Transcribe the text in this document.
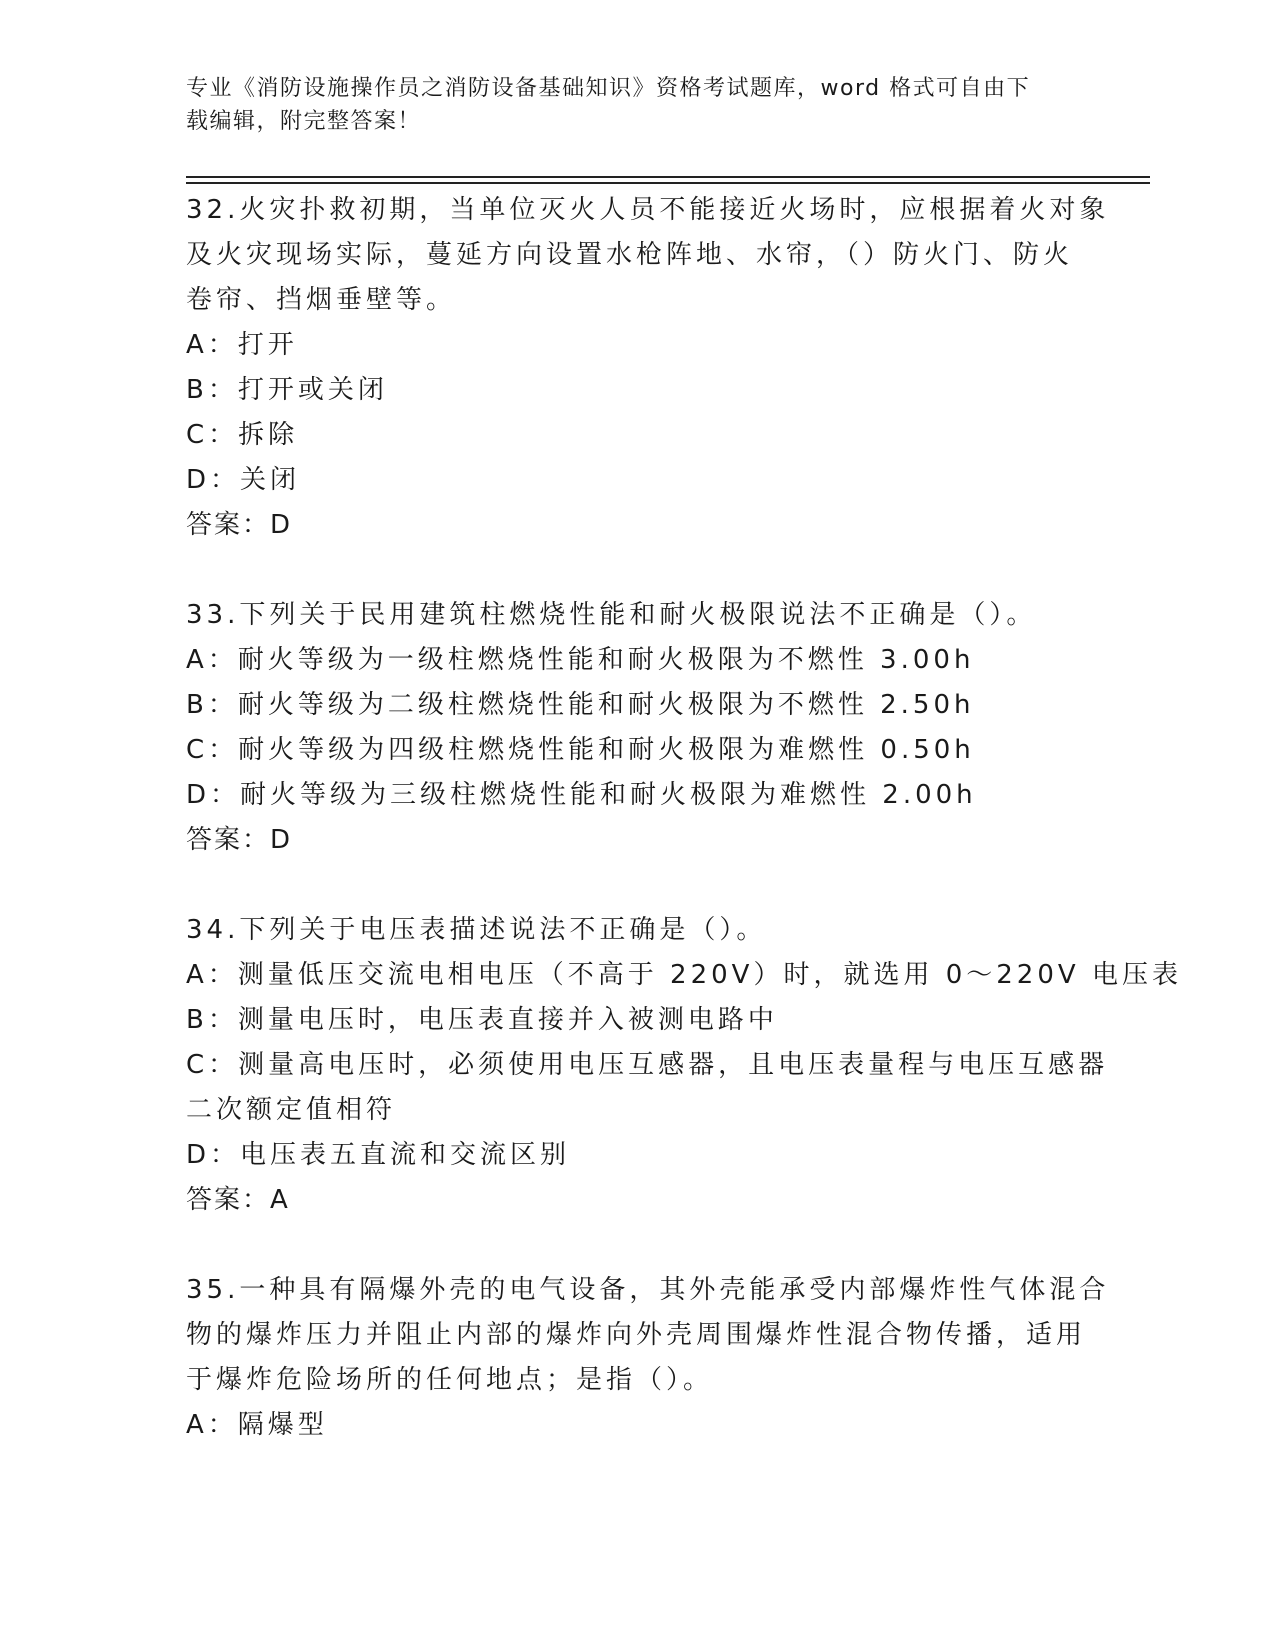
专业《消防设施操作员之消防设备基础知识》资格考试题库，word 格式可自由下
载编辑，附完整答案！
32.火灾扑救初期，当单位灭火人员不能接近火场时，应根据着火对象
及火灾现场实际，蔓延方向设置水枪阵地、水帘，（）防火门、防火
卷帘、挡烟垂壁等。
A：打开
B：打开或关闭
C：拆除
D：关闭
答案：D
33.下列关于民用建筑柱燃烧性能和耐火极限说法不正确是（）。
A：耐火等级为一级柱燃烧性能和耐火极限为不燃性 3.00h
B：耐火等级为二级柱燃烧性能和耐火极限为不燃性 2.50h
C：耐火等级为四级柱燃烧性能和耐火极限为难燃性 0.50h
D：耐火等级为三级柱燃烧性能和耐火极限为难燃性 2.00h
答案：D
34.下列关于电压表描述说法不正确是（）。
A：测量低压交流电相电压（不高于 220V）时，就选用 0～220V 电压表
B：测量电压时，电压表直接并入被测电路中
C：测量高电压时，必须使用电压互感器，且电压表量程与电压互感器
二次额定值相符
D：电压表五直流和交流区别
答案：A
35.一种具有隔爆外壳的电气设备，其外壳能承受内部爆炸性气体混合
物的爆炸压力并阻止内部的爆炸向外壳周围爆炸性混合物传播，适用
于爆炸危险场所的任何地点；是指（）。
A：隔爆型
